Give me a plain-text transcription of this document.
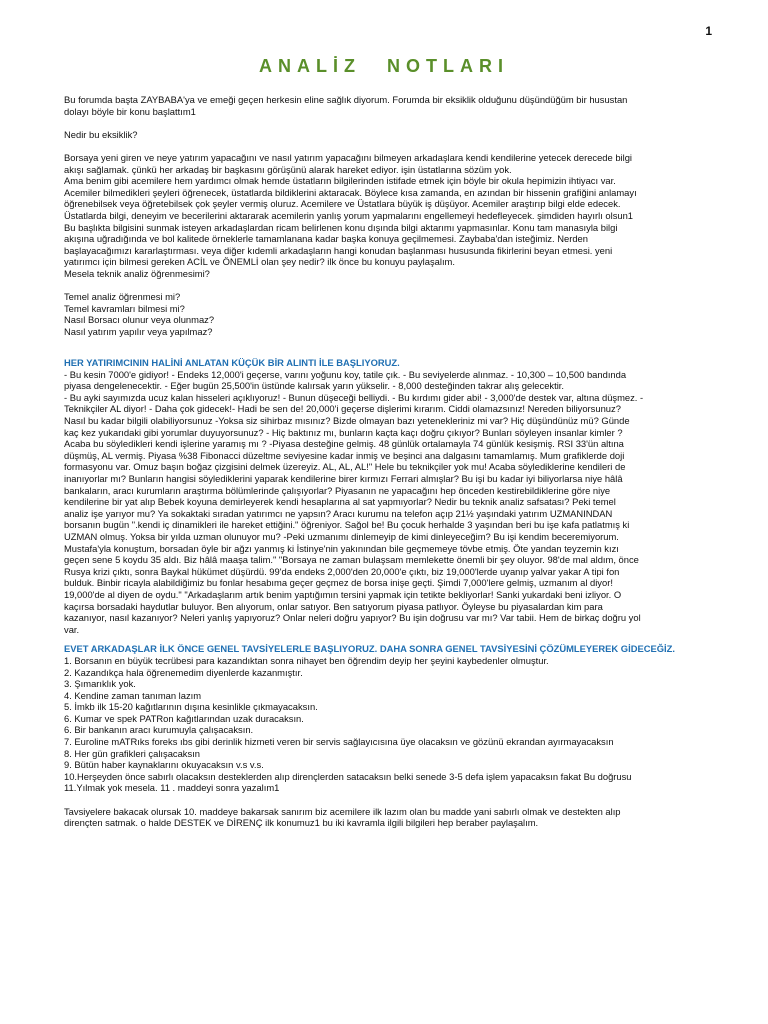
1
ANALİZ NOTLARI
Bu forumda başta ZAYBABA'ya ve emeği geçen herkesin eline sağlık diyorum. Forumda bir eksiklik olduğunu düşündüğüm bir husustan
dolayı böyle bir konu başlattım1
Nedir bu eksiklik?
Borsaya yeni giren ve neye yatırım yapacağını ve nasıl yatırım yapacağını bilmeyen arkadaşlara kendi kendilerine yetecek derecede bilgi
akışı sağlamak. çünkü her arkadaş bir başkasını görüşünü alarak hareket ediyor. işin üstatlarına sözüm yok.
Ama benim gibi acemilere hem yardımcı olmak hemde üstatların bilgilerinden istifade etmek için böyle bir okula hepimizin ihtiyacı var.
Acemiler bilmedikleri şeyleri öğrenecek, üstatlarda bildiklerini aktaracak. Böylece kısa zamanda, en azından bir hissenin grafiğini anlamayı
öğrenebilsek veya öğretebilsek çok şeyler vermiş oluruz. Acemilere ve Üstatlara büyük iş düşüyor. Acemiler araştırıp bilgi elde edecek.
Üstatlarda bilgi, deneyim ve becerilerini aktararak acemilerin yanlış yorum yapmalarını engellemeyi hedefleyecek. şimdiden hayırlı olsun1
Bu başlıkta bilgisini sunmak isteyen arkadaşlardan ricam belirlenen konu dışında bilgi aktarımı yapmasınlar. Konu tam manasıyla bilgi
akışına uğradığında ve bol kalitede örneklerle tamamlanana kadar başka konuya geçilmemesi. Zaybaba'dan isteğimiz. Nerden
başlayacağımızı kararlaştırması. veya diğer kıdemli arkadaşların hangi konudan başlanması hususunda fikirlerini beyan etmesi. yeni
yatırımcı için bilmesi gereken ACİL ve ÖNEMLİ olan şey nedir? ilk önce bu konuyu paylaşalım.
Mesela teknik analiz öğrenmesimi?
Temel analiz öğrenmesi mi?
Temel kavramları bilmesi mi?
Nasıl Borsacı olunur veya olunmaz?
Nasıl yatırım yapılır veya yapılmaz?
HER YATIRIMCININ HALİNİ ANLATAN KÜÇÜK BİR ALINTI İLE BAŞLIYORUZ.
- Bu kesin 7000'e gidiyor! - Endeks 12,000'i geçerse, varını yoğunu koy, tatile çık. - Bu seviyelerde alınmaz. - 10,300 – 10,500 bandında
piyasa dengelenecektir. - Eğer bugün 25,500'in üstünde kalırsak yarın yükselir. - 8,000 desteğinden takrar alış gelecektir.
- Bu ayki sayımızda ucuz kalan hisseleri açıklıyoruz! - Bunun düşeceği belliydi. - Bu kırdımı gider abi! - 3,000'de destek var, altına düşmez. -
Teknikçiler AL diyor! - Daha çok gidecek!- Hadi be sen de! 20,000'i geçerse dişlerimi kırarım. Ciddi olamazsınız! Nereden biliyorsunuz?
Nasıl bu kadar bilgili olabiliyorsunuz -Yoksa siz sihirbaz mısınız? Bizde olmayan bazı yetenekleriniz mi var? Hiç düşündünüz mü? Günde
kaç kez yukarıdaki gibi yorumlar duyuyorsunuz? - Hiç baktınız mı, bunların kaçta kaçı doğru çıkıyor? Bunları söyleyen insanlar kimler ?
Acaba bu söyledikleri kendi işlerine yaramış mı ? -Piyasa desteğine gelmiş. 48 günlük ortalamayla 74 günlük kesişmiş. RSI 33'ün altına
düşmüş, AL vermiş. Piyasa %38 Fibonacci düzeltme seviyesine kadar inmiş ve beşinci ana dalgasını tamamlamış. Mum grafiklerde doji
formasyonu var. Omuz başın boğaz çizgisini delmek üzereyiz. AL, AL, AL!" Hele bu teknikçiler yok mu! Acaba söylediklerine kendileri de
inanıyorlar mı? Bunların hangisi söylediklerini yaparak kendilerine birer kırmızı Ferrari almışlar? Bu işi bu kadar iyi biliyorlarsa niye hâlâ
bankaların, aracı kurumların araştırma bölümlerinde çalışıyorlar? Piyasanın ne yapacağını hep önceden kestirebildiklerine göre niye
kendilerine bir yat alıp Bebek koyuna demirleyerek kendi hesaplarına al sat yapmıyorlar? Nedir bu teknik analiz safsatası? Peki temel
analiz işe yarıyor mu? Ya sokaktaki sıradan yatırımcı ne yapsın? Aracı kurumu na telefon açıp 21½ yaşındaki yatırım UZMANINDAN
borsanın bugün ".kendi iç dinamikleri ile hareket ettiğini." öğreniyor. Sağol be! Bu çocuk herhalde 3 yaşından beri bu işe kafa patlatmış ki
UZMAN olmuş. Yoksa bir yılda uzman olunuyor mu? -Peki uzmanımı dinlemeyip de kimi dinleyeceğim? Bu işi kendim beceremiyorum.
Mustafa'yla konuştum, borsadan öyle bir ağzı yanmış ki İstinye'nin yakınından bile geçmemeye tövbe etmiş. Öte yandan teyzemin kızı
geçen sene 5 koydu 35 aldı. Biz hâlâ maaşa talim." "Borsaya ne zaman bulaşsam memlekette önemli bir şey oluyor. 98'de mal aldım, önce
Rusya krizi çıktı, sonra Baykal hükümet düşürdü. 99'da endeks 2,000'den 20,000'e çıktı, biz 19,000'lerde uyanıp yalvar yakar A tipi fon
bulduk. Binbir ricayla alabildiğimiz bu fonlar hesabıma geçer geçmez de borsa inişe geçti. Şimdi 7,000'lere gelmiş, uzmanım al diyor!
19,000'de al diyen de oydu." "Arkadaşlarım artık benim yaptığımın tersini yapmak için tetikte bekliyorlar! Sanki yukardaki beni izliyor. O
kaçırsa borsadaki haydutlar buluyor. Ben alıyorum, onlar satıyor. Ben satıyorum piyasa patlıyor. Öyleyse bu piyasalardan kim para
kazanıyor, nasıl kazanıyor? Neleri yanlış yapıyoruz? Onlar neleri doğru yapıyor? Bu işin doğrusu var mı? Var tabii. Hem de birkaç doğru yol
var.
EVET ARKADAŞLAR İLK ÖNCE GENEL TAVSİYELERLE BAŞLIYORUZ. DAHA SONRA GENEL TAVSİYESİNİ ÇÖZÜMLEYEREK GİDECEĞİZ.
1. Borsanın en büyük tecrübesi para kazandıktan sonra nihayet ben öğrendim deyip her şeyini kaybedenler olmuştur.
2. Kazandıkça hala öğrenemedim diyenlerde kazanmıştır.
3. Şımarıklık yok.
4. Kendine zaman tanıman lazım
5. İmkb ilk 15-20 kağıtlarının dışına kesinlikle çıkmayacaksın.
6. Kumar ve spek PATRon kağıtlarından uzak duracaksın.
6. Bir bankanın aracı kurumuyla çalışacaksın.
7. Euroline mATRıks foreks ıbs gibi derinlik hizmeti veren bir servis sağlayıcısına üye olacaksın ve gözünü ekrandan ayırmayacaksın
8. Her gün grafikleri çalışacaksın
9. Bütün haber kaynaklarını okuyacaksın v.s v.s.
10.Herşeyden önce sabırlı olacaksın desteklerden alıp dirençlerden satacaksın belki senede 3-5 defa işlem yapacaksın fakat Bu doğrusu
11.Yılmak yok mesela. 11 . maddeyi sonra yazalım1
Tavsiyelere bakacak olursak 10. maddeye bakarsak sanırım biz acemilere ilk lazım olan bu madde yani sabırlı olmak ve destekten alıp
dirençten satmak. o halde DESTEK ve DİRENÇ ilk konumuz1 bu iki kavramla ilgili bilgileri hep beraber paylaşalım.
